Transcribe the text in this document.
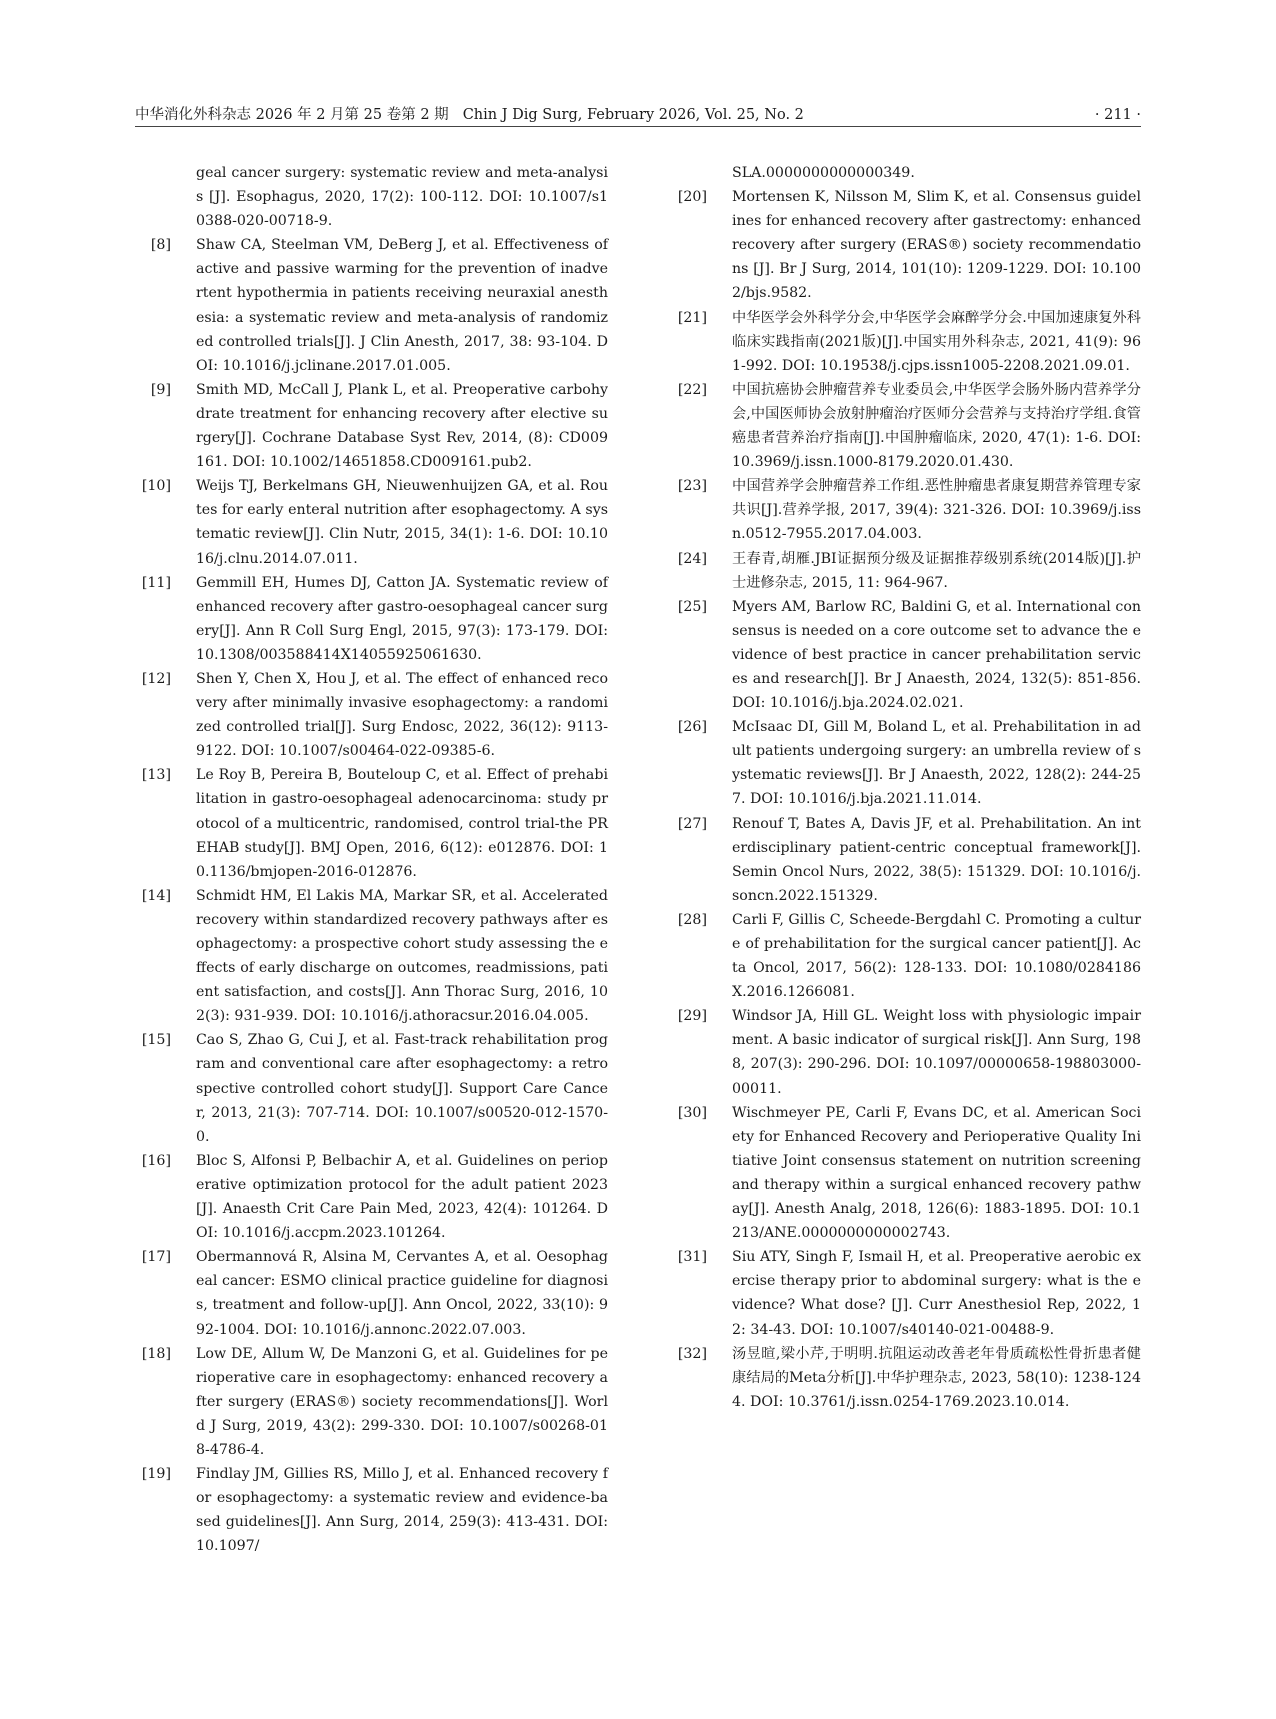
中华消化外科杂志 2026 年 2 月第 25 卷第 2 期 Chin J Dig Surg, February 2026, Vol. 25, No. 2	· 211 ·
geal cancer surgery: systematic review and meta-analysis [J]. Esophagus, 2020, 17(2): 100-112. DOI: 10.1007/s10388-020-00718-9.
[8] Shaw CA, Steelman VM, DeBerg J, et al. Effectiveness of active and passive warming for the prevention of inadvertent hypothermia in patients receiving neuraxial anesthesia: a systematic review and meta-analysis of randomized controlled trials[J]. J Clin Anesth, 2017, 38: 93-104. DOI: 10.1016/j.jclinane.2017.01.005.
[9] Smith MD, McCall J, Plank L, et al. Preoperative carbohydrate treatment for enhancing recovery after elective surgery[J]. Cochrane Database Syst Rev, 2014, (8): CD009161. DOI: 10.1002/14651858.CD009161.pub2.
[10] Weijs TJ, Berkelmans GH, Nieuwenhuijzen GA, et al. Routes for early enteral nutrition after esophagectomy. A systematic review[J]. Clin Nutr, 2015, 34(1): 1-6. DOI: 10.1016/j.clnu.2014.07.011.
[11] Gemmill EH, Humes DJ, Catton JA. Systematic review of enhanced recovery after gastro-oesophageal cancer surgery[J]. Ann R Coll Surg Engl, 2015, 97(3): 173-179. DOI: 10.1308/003588414X14055925061630.
[12] Shen Y, Chen X, Hou J, et al. The effect of enhanced recovery after minimally invasive esophagectomy: a randomized controlled trial[J]. Surg Endosc, 2022, 36(12): 9113-9122. DOI: 10.1007/s00464-022-09385-6.
[13] Le Roy B, Pereira B, Bouteloup C, et al. Effect of prehabilitation in gastro-oesophageal adenocarcinoma: study protocol of a multicentric, randomised, control trial-the PREHAB study[J]. BMJ Open, 2016, 6(12): e012876. DOI: 10.1136/bmjopen-2016-012876.
[14] Schmidt HM, El Lakis MA, Markar SR, et al. Accelerated recovery within standardized recovery pathways after esophagectomy: a prospective cohort study assessing the effects of early discharge on outcomes, readmissions, patient satisfaction, and costs[J]. Ann Thorac Surg, 2016, 102(3): 931-939. DOI: 10.1016/j.athoracsur.2016.04.005.
[15] Cao S, Zhao G, Cui J, et al. Fast-track rehabilitation program and conventional care after esophagectomy: a retrospective controlled cohort study[J]. Support Care Cancer, 2013, 21(3): 707-714. DOI: 10.1007/s00520-012-1570-0.
[16] Bloc S, Alfonsi P, Belbachir A, et al. Guidelines on perioperative optimization protocol for the adult patient 2023[J]. Anaesth Crit Care Pain Med, 2023, 42(4): 101264. DOI: 10.1016/j.accpm.2023.101264.
[17] Obermannová R, Alsina M, Cervantes A, et al. Oesophageal cancer: ESMO clinical practice guideline for diagnosis, treatment and follow-up[J]. Ann Oncol, 2022, 33(10): 992-1004. DOI: 10.1016/j.annonc.2022.07.003.
[18] Low DE, Allum W, De Manzoni G, et al. Guidelines for perioperative care in esophagectomy: enhanced recovery after surgery (ERAS®) society recommendations[J]. World J Surg, 2019, 43(2): 299-330. DOI: 10.1007/s00268-018-4786-4.
[19] Findlay JM, Gillies RS, Millo J, et al. Enhanced recovery for esophagectomy: a systematic review and evidence-based guidelines[J]. Ann Surg, 2014, 259(3): 413-431. DOI: 10.1097/
SLA.0000000000000349.
[20] Mortensen K, Nilsson M, Slim K, et al. Consensus guidelines for enhanced recovery after gastrectomy: enhanced recovery after surgery (ERAS®) society recommendations [J]. Br J Surg, 2014, 101(10): 1209-1229. DOI: 10.1002/bjs.9582.
[21] 中华医学会外科学分会,中华医学会麻醉学分会.中国加速康复外科临床实践指南(2021版)[J].中国实用外科杂志, 2021, 41(9): 961-992. DOI: 10.19538/j.cjps.issn1005-2208.2021.09.01.
[22] 中国抗癌协会肿瘤营养专业委员会,中华医学会肠外肠内营养学分会,中国医师协会放射肿瘤治疗医师分会营养与支持治疗学组.食管癌患者营养治疗指南[J].中国肿瘤临床, 2020, 47(1): 1-6. DOI: 10.3969/j.issn.1000-8179.2020.01.430.
[23] 中国营养学会肿瘤营养工作组.恶性肿瘤患者康复期营养管理专家共识[J].营养学报, 2017, 39(4): 321-326. DOI: 10.3969/j.issn.0512-7955.2017.04.003.
[24] 王春青,胡雁.JBI证据预分级及证据推荐级别系统(2014版)[J].护士进修杂志, 2015, 11: 964-967.
[25] Myers AM, Barlow RC, Baldini G, et al. International consensus is needed on a core outcome set to advance the evidence of best practice in cancer prehabilitation services and research[J]. Br J Anaesth, 2024, 132(5): 851-856. DOI: 10.1016/j.bja.2024.02.021.
[26] McIsaac DI, Gill M, Boland L, et al. Prehabilitation in adult patients undergoing surgery: an umbrella review of systematic reviews[J]. Br J Anaesth, 2022, 128(2): 244-257. DOI: 10.1016/j.bja.2021.11.014.
[27] Renouf T, Bates A, Davis JF, et al. Prehabilitation. An interdisciplinary patient-centric conceptual framework[J]. Semin Oncol Nurs, 2022, 38(5): 151329. DOI: 10.1016/j.soncn.2022.151329.
[28] Carli F, Gillis C, Scheede-Bergdahl C. Promoting a culture of prehabilitation for the surgical cancer patient[J]. Acta Oncol, 2017, 56(2): 128-133. DOI: 10.1080/0284186X.2016.1266081.
[29] Windsor JA, Hill GL. Weight loss with physiologic impairment. A basic indicator of surgical risk[J]. Ann Surg, 1988, 207(3): 290-296. DOI: 10.1097/00000658-198803000-00011.
[30] Wischmeyer PE, Carli F, Evans DC, et al. American Society for Enhanced Recovery and Perioperative Quality Initiative Joint consensus statement on nutrition screening and therapy within a surgical enhanced recovery pathway[J]. Anesth Analg, 2018, 126(6): 1883-1895. DOI: 10.1213/ANE.0000000000002743.
[31] Siu ATY, Singh F, Ismail H, et al. Preoperative aerobic exercise therapy prior to abdominal surgery: what is the evidence? What dose? [J]. Curr Anesthesiol Rep, 2022, 12: 34-43. DOI: 10.1007/s40140-021-00488-9.
[32] 汤昱暄,梁小芹,于明明.抗阻运动改善老年骨质疏松性骨折患者健康结局的Meta分析[J].中华护理杂志, 2023, 58(10): 1238-1244. DOI: 10.3761/j.issn.0254-1769.2023.10.014.
